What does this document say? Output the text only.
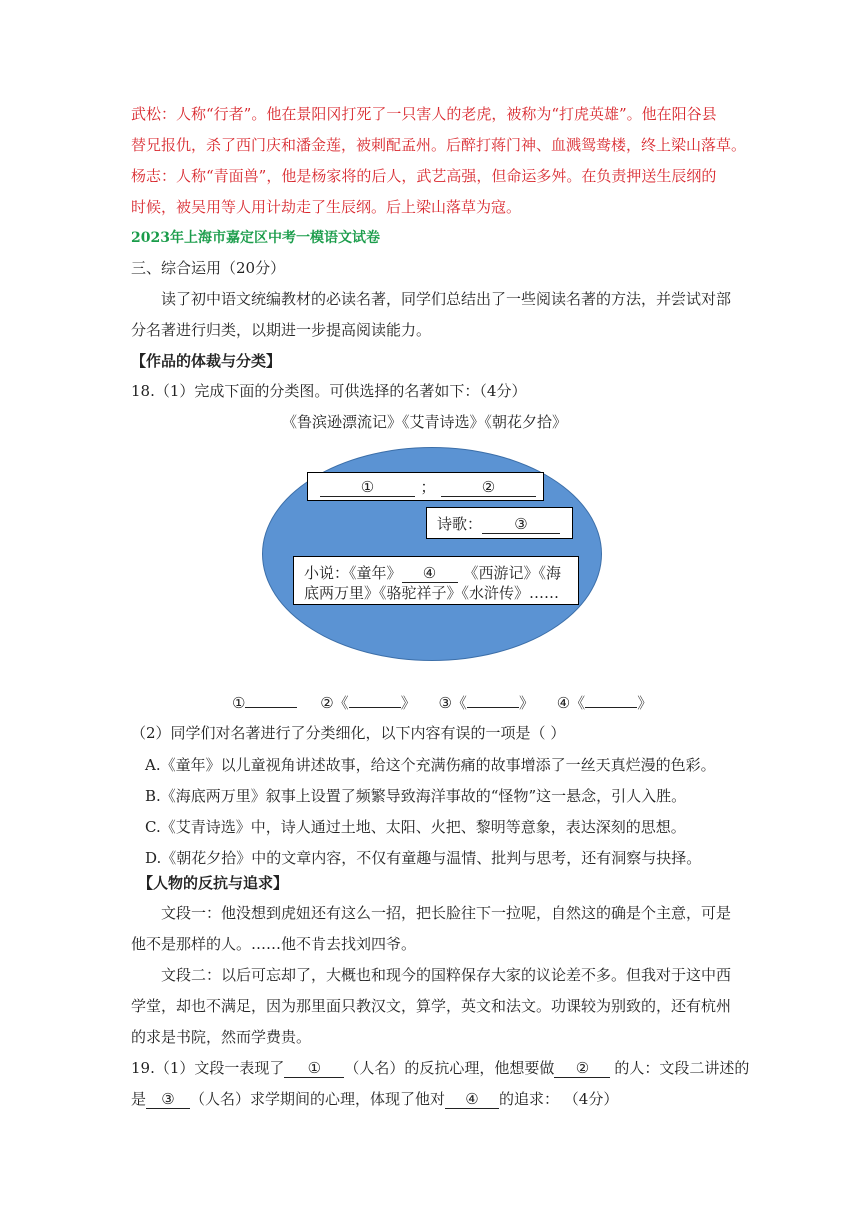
武松：人称“行者”。他在景阳冈打死了一只害人的老虎，被称为“打虎英雄”。他在阳谷县
替兄报仇，杀了西门庆和潘金莲，被刺配孟州。后醉打蒋门神、血溅鸳鸯楼，终上梁山落草。
杨志：人称“青面兽”，他是杨家将的后人，武艺高强，但命运多舛。在负责押送生辰纲的
时候，被吴用等人用计劫走了生辰纲。后上梁山落草为寇。
2023年上海市嘉定区中考一模语文试卷
三、综合运用（20分）
读了初中语文统编教材的必读名著，同学们总结出了一些阅读名著的方法，并尝试对部
分名著进行归类，以期进一步提高阅读能力。
【作品的体裁与分类】
18.（1）完成下面的分类图。可供选择的名著如下：（4分）
《鲁滨逊漂流记》《艾青诗选》《朝花夕拾》
①	；	②
诗歌： ③
小说：《童年》 ④ 《西游记》《海
底两万里》《骆驼祥子》《水浒传》……
①	②《	》 ③《	》 ④《	》
（2）同学们对名著进行了分类细化，以下内容有误的一项是（ ）
A.《童年》以儿童视角讲述故事，给这个充满伤痛的故事增添了一丝天真烂漫的色彩。
B.《海底两万里》叙事上设置了频繁导致海洋事故的“怪物”这一悬念，引人入胜。
C.《艾青诗选》中，诗人通过土地、太阳、火把、黎明等意象，表达深刻的思想。
D.《朝花夕拾》中的文章内容，不仅有童趣与温情、批判与思考，还有洞察与抉择。
【人物的反抗与追求】
文段一：他没想到虎妞还有这么一招，把长脸往下一拉呢，自然这的确是个主意，可是
他不是那样的人。……他不肯去找刘四爷。
文段二：以后可忘却了，大概也和现今的国粹保存大家的议论差不多。但我对于这中西
学堂，却也不满足，因为那里面只教汉文，算学，英文和法文。功课较为别致的，还有杭州
的求是书院，然而学费贵。
19.（1）文段一表现了 ① （人名）的反抗心理，他想要做 ② 的人：文段二讲述的
是 ③ （人名）求学期间的心理，体现了他对 ④ 的追求： （4分）
